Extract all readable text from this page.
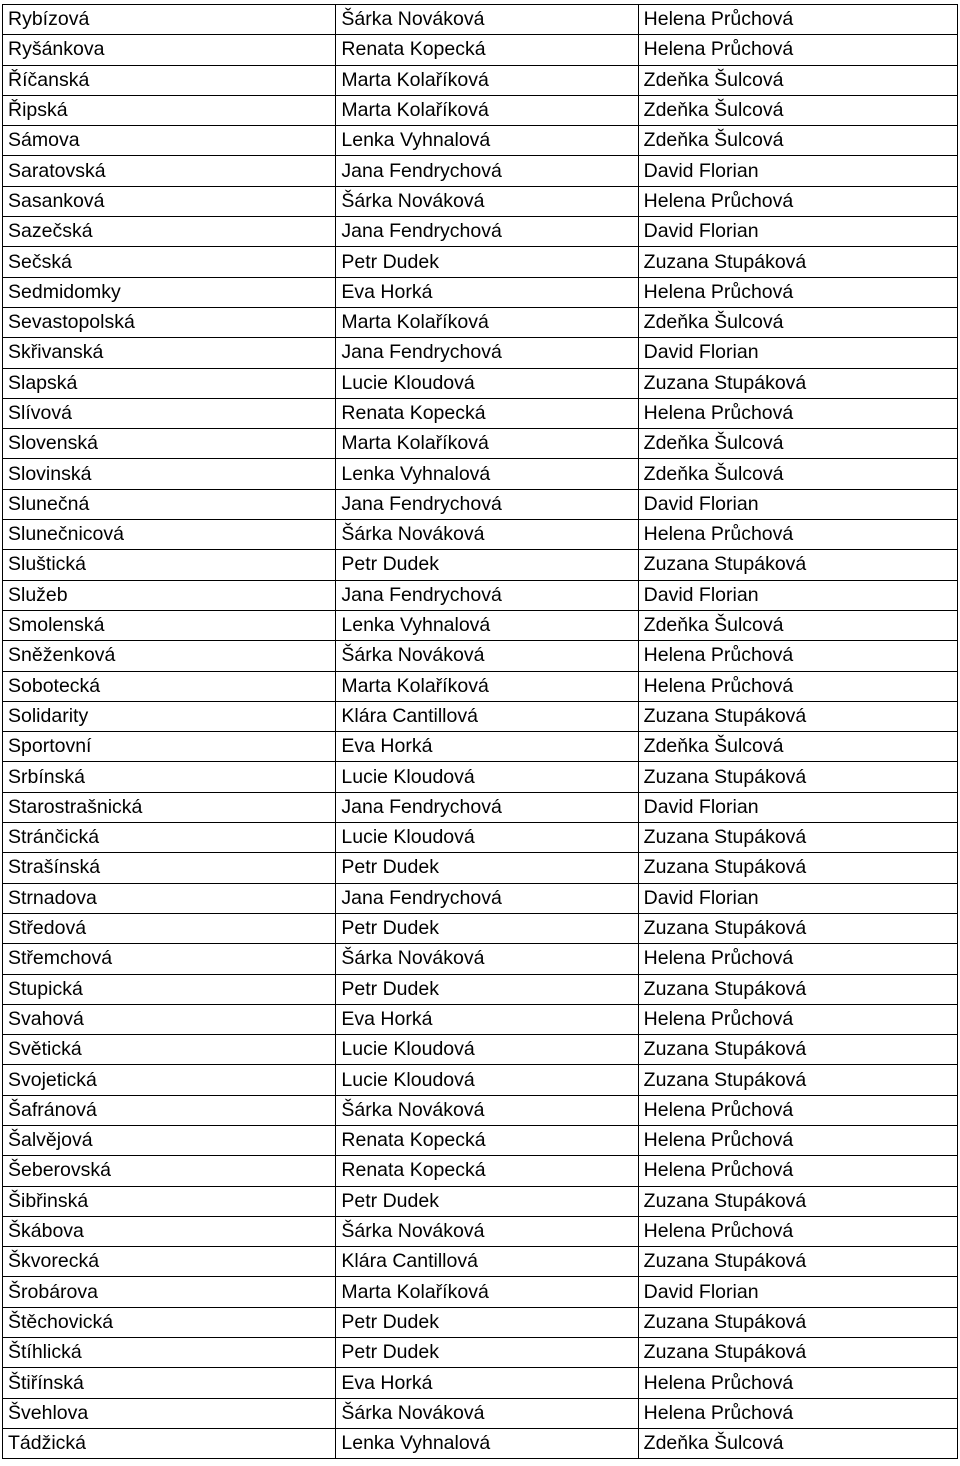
Rybízová	Šárka Nováková	Helena Průchová
Ryšánkova	Renata Kopecká	Helena Průchová
Říčanská	Marta Kolaříková	Zdeňka Šulcová
Řipská	Marta Kolaříková	Zdeňka Šulcová
Sámova	Lenka Vyhnalová	Zdeňka Šulcová
Saratovská	Jana Fendrychová	David Florian
Sasanková	Šárka Nováková	Helena Průchová
Sazečská	Jana Fendrychová	David Florian
Sečská	Petr Dudek	Zuzana Stupáková
Sedmidomky	Eva Horká	Helena Průchová
Sevastopolská	Marta Kolaříková	Zdeňka Šulcová
Skřivanská	Jana Fendrychová	David Florian
Slapská	Lucie Kloudová	Zuzana Stupáková
Slívová	Renata Kopecká	Helena Průchová
Slovenská	Marta Kolaříková	Zdeňka Šulcová
Slovinská	Lenka Vyhnalová	Zdeňka Šulcová
Slunečná	Jana Fendrychová	David Florian
Slunečnicová	Šárka Nováková	Helena Průchová
Sluštická	Petr Dudek	Zuzana Stupáková
Služeb	Jana Fendrychová	David Florian
Smolenská	Lenka Vyhnalová	Zdeňka Šulcová
Sněženková	Šárka Nováková	Helena Průchová
Sobotecká	Marta Kolaříková	Helena Průchová
Solidarity	Klára Cantillová	Zuzana Stupáková
Sportovní	Eva Horká	Zdeňka Šulcová
Srbínská	Lucie Kloudová	Zuzana Stupáková
Starostrašnická	Jana Fendrychová	David Florian
Stránčická	Lucie Kloudová	Zuzana Stupáková
Strašínská	Petr Dudek	Zuzana Stupáková
Strnadova	Jana Fendrychová	David Florian
Středová	Petr Dudek	Zuzana Stupáková
Střemchová	Šárka Nováková	Helena Průchová
Stupická	Petr Dudek	Zuzana Stupáková
Svahová	Eva Horká	Helena Průchová
Světická	Lucie Kloudová	Zuzana Stupáková
Svojetická	Lucie Kloudová	Zuzana Stupáková
Šafránová	Šárka Nováková	Helena Průchová
Šalvějová	Renata Kopecká	Helena Průchová
Šeberovská	Renata Kopecká	Helena Průchová
Šibřinská	Petr Dudek	Zuzana Stupáková
Škábova	Šárka Nováková	Helena Průchová
Škvorecká	Klára Cantillová	Zuzana Stupáková
Šrobárova	Marta Kolaříková	David Florian
Štěchovická	Petr Dudek	Zuzana Stupáková
Štíhlická	Petr Dudek	Zuzana Stupáková
Štiřínská	Eva Horká	Helena Průchová
Švehlova	Šárka Nováková	Helena Průchová
Tádžická	Lenka Vyhnalová	Zdeňka Šulcová
